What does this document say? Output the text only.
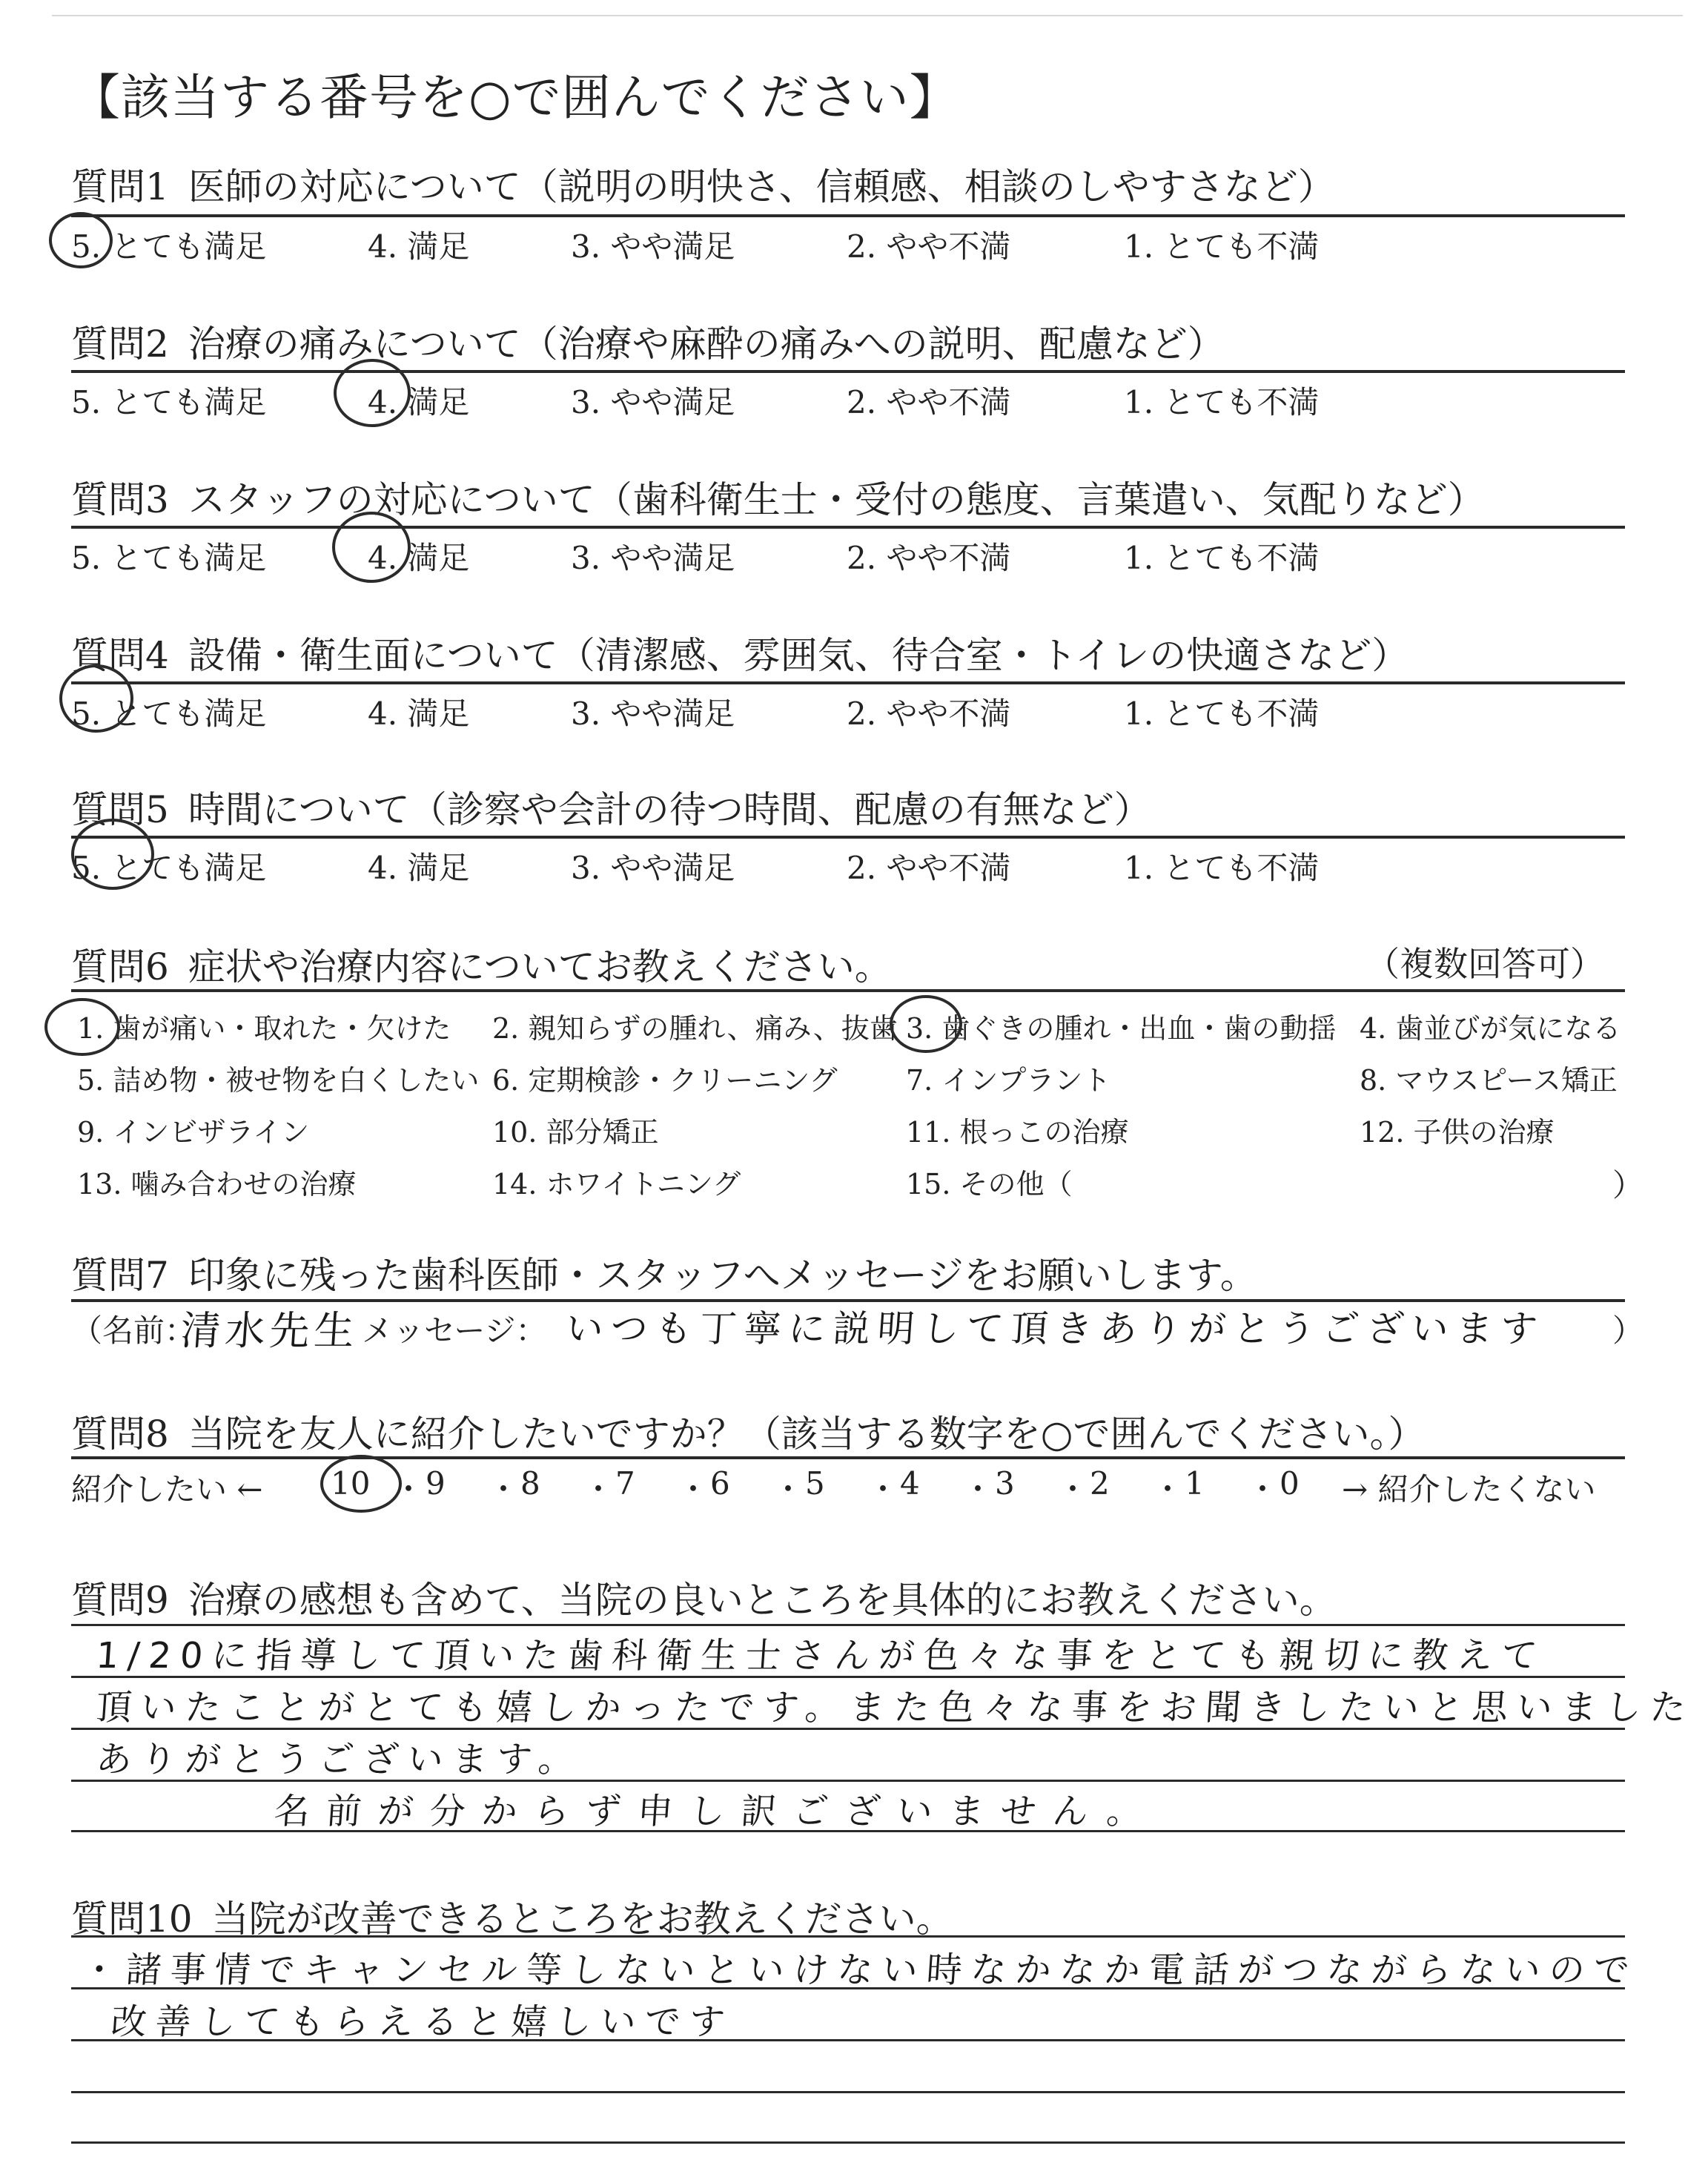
【該当する番号を○で囲んでください】
質問1 医師の対応について（説明の明快さ、信頼感、相談のしやすさなど）
5. とても満足	4. 満足	3. やや満足	2. やや不満	1. とても不満
質問2 治療の痛みについて（治療や麻酔の痛みへの説明、配慮など）
5. とても満足	4. 満足	3. やや満足	2. やや不満	1. とても不満
質問3 スタッフの対応について（歯科衛生士・受付の態度、言葉遣い、気配りなど）
5. とても満足	4. 満足	3. やや満足	2. やや不満	1. とても不満
質問4 設備・衛生面について（清潔感、雰囲気、待合室・トイレの快適さなど）
5. とても満足	4. 満足	3. やや満足	2. やや不満	1. とても不満
質問5 時間について（診察や会計の待つ時間、配慮の有無など）
5. とても満足	4. 満足	3. やや満足	2. やや不満	1. とても不満
質問6 症状や治療内容についてお教えください。	（複数回答可）
1. 歯が痛い・取れた・欠けた 2. 親知らずの腫れ、痛み、抜歯 3. 歯ぐきの腫れ・出血・歯の動揺 4. 歯並びが気になる
5. 詰め物・被せ物を白くしたい 6. 定期検診・クリーニング 7. インプラント	8. マウスピース矯正
9. インビザライン	10. 部分矯正	11. 根っこの治療	12. 子供の治療
13. 噛み合わせの治療	14. ホワイトニング	15. その他（	）
質問7 印象に残った歯科医師・スタッフへメッセージをお願いします。
（名前：
清水先生 メッセージ： いつも丁寧に説明して頂きありがとうございます ）
質問8 当院を友人に紹介したいですか？（該当する数字を○で囲んでください。）
紹介したい ← 10 ・ 9 ・ 8 ・ 7 ・ 6 ・ 5 ・ 4 ・ 3 ・ 2 ・ 1 ・ 0 → 紹介したくない
質問9 治療の感想も含めて、当院の良いところを具体的にお教えください。
1/20に指導して頂いた歯科衛生士さんが色々な事をとても親切に教えて
頂いたことがとても嬉しかったです。また色々な事をお聞きしたいと思いました
ありがとうございます。
名前が分からず申し訳ございません。
質問10 当院が改善できるところをお教えください。
・諸事情でキャンセル等しないといけない時なかなか電話がつながらないので
改善してもらえると嬉しいです
